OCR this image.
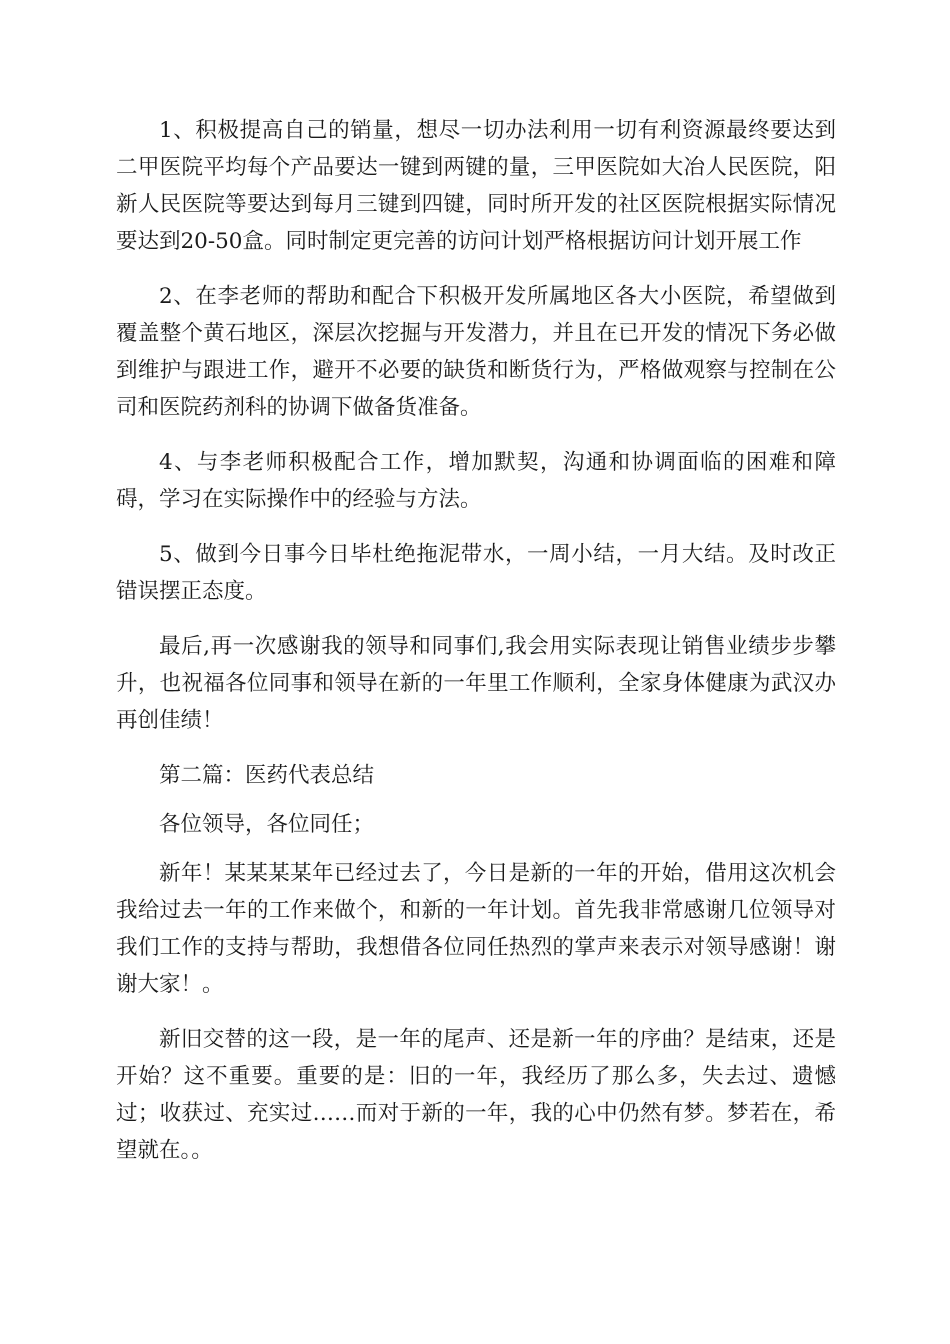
1、积极提高自己的销量，想尽一切办法利用一切有利资源最终要达到二甲医院平均每个产品要达一键到两键的量，三甲医院如大冶人民医院，阳新人民医院等要达到每月三键到四键，同时所开发的社区医院根据实际情况要达到20-50盒。同时制定更完善的访问计划严格根据访问计划开展工作

2、在李老师的帮助和配合下积极开发所属地区各大小医院，希望做到覆盖整个黄石地区，深层次挖掘与开发潜力，并且在已开发的情况下务必做到维护与跟进工作，避开不必要的缺货和断货行为，严格做观察与控制在公司和医院药剂科的协调下做备货准备。

4、与李老师积极配合工作，增加默契，沟通和协调面临的困难和障碍，学习在实际操作中的经验与方法。

5、做到今日事今日毕杜绝拖泥带水，一周小结，一月大结。及时改正错误摆正态度。

最后,再一次感谢我的领导和同事们,我会用实际表现让销售业绩步步攀升，也祝福各位同事和领导在新的一年里工作顺利，全家身体健康为武汉办再创佳绩！

第二篇：医药代表总结

各位领导，各位同任；

新年！某某某某年已经过去了，今日是新的一年的开始，借用这次机会我给过去一年的工作来做个，和新的一年计划。首先我非常感谢几位领导对我们工作的支持与帮助，我想借各位同任热烈的掌声来表示对领导感谢！谢谢大家！。

新旧交替的这一段，是一年的尾声、还是新一年的序曲？是结束，还是开始？这不重要。重要的是：旧的一年，我经历了那么多，失去过、遗憾过；收获过、充实过……而对于新的一年，我的心中仍然有梦。梦若在，希望就在。。
